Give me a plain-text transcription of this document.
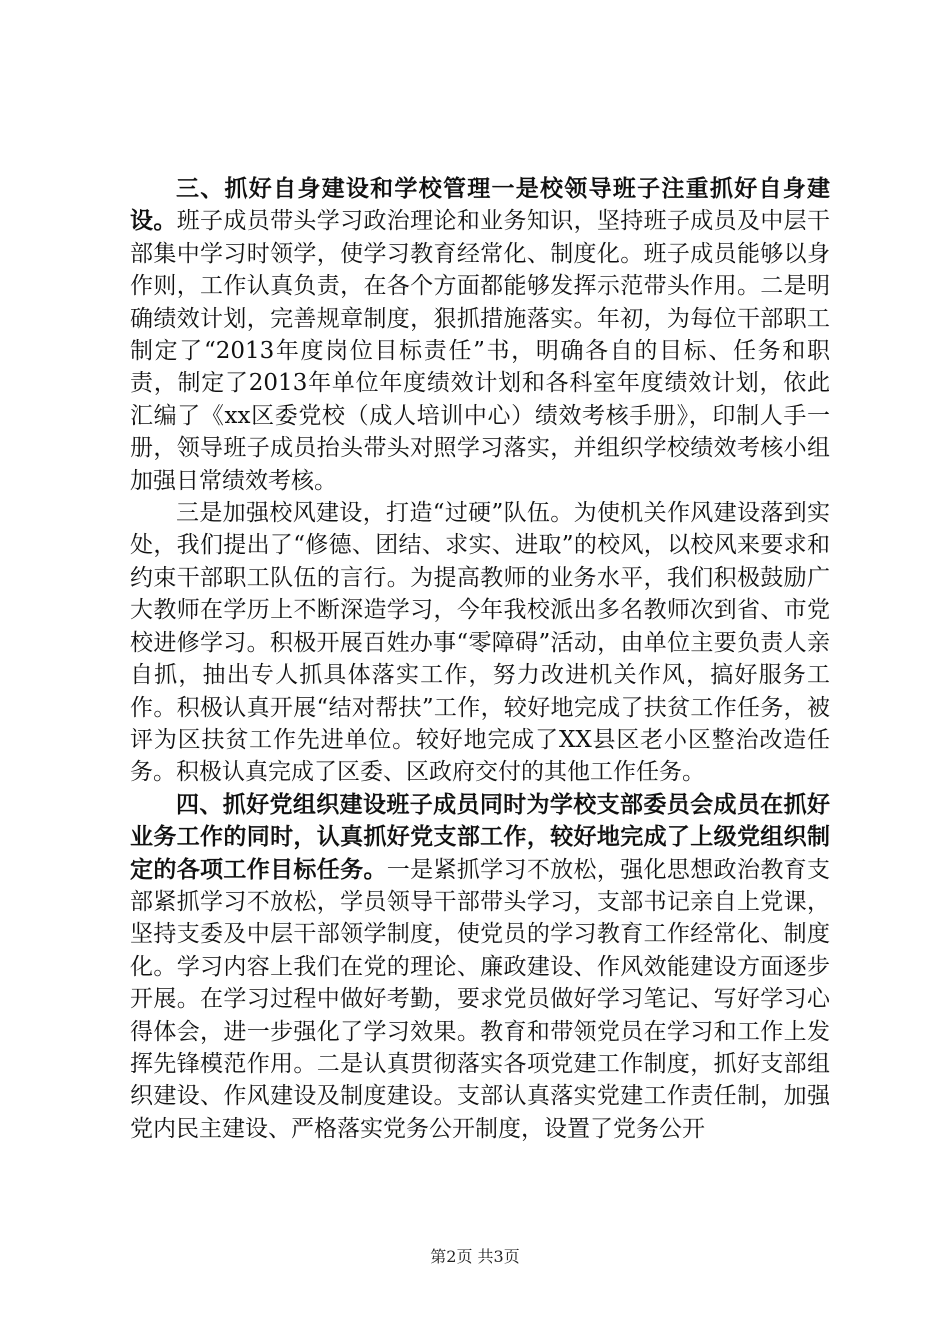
三、抓好自身建设和学校管理一是校领导班子注重抓好自身建设。班子成员带头学习政治理论和业务知识，坚持班子成员及中层干部集中学习时领学，使学习教育经常化、制度化。班子成员能够以身作则，工作认真负责，在各个方面都能够发挥示范带头作用。二是明确绩效计划，完善规章制度，狠抓措施落实。年初，为每位干部职工制定了“2013年度岗位目标责任”书，明确各自的目标、任务和职责，制定了2013年单位年度绩效计划和各科室年度绩效计划，依此汇编了《xx区委党校（成人培训中心）绩效考核手册》，印制人手一册，领导班子成员抬头带头对照学习落实，并组织学校绩效考核小组加强日常绩效考核。

三是加强校风建设，打造“过硬”队伍。为使机关作风建设落到实处，我们提出了“修德、团结、求实、进取”的校风，以校风来要求和约束干部职工队伍的言行。为提高教师的业务水平，我们积极鼓励广大教师在学历上不断深造学习，今年我校派出多名教师次到省、市党校进修学习。积极开展百姓办事“零障碍”活动，由单位主要负责人亲自抓，抽出专人抓具体落实工作，努力改进机关作风，搞好服务工作。积极认真开展“结对帮扶”工作，较好地完成了扶贫工作任务，被评为区扶贫工作先进单位。较好地完成了XX县区老小区整治改造任务。积极认真完成了区委、区政府交付的其他工作任务。

四、抓好党组织建设班子成员同时为学校支部委员会成员在抓好业务工作的同时，认真抓好党支部工作，较好地完成了上级党组织制定的各项工作目标任务。一是紧抓学习不放松，强化思想政治教育支部紧抓学习不放松，学员领导干部带头学习，支部书记亲自上党课，坚持支委及中层干部领学制度，使党员的学习教育工作经常化、制度化。学习内容上我们在党的理论、廉政建设、作风效能建设方面逐步开展。在学习过程中做好考勤，要求党员做好学习笔记、写好学习心得体会，进一步强化了学习效果。教育和带领党员在学习和工作上发挥先锋模范作用。二是认真贯彻落实各项党建工作制度，抓好支部组织建设、作风建设及制度建设。支部认真落实党建工作责任制，加强党内民主建设、严格落实党务公开制度，设置了党务公开

第2页 共3页
